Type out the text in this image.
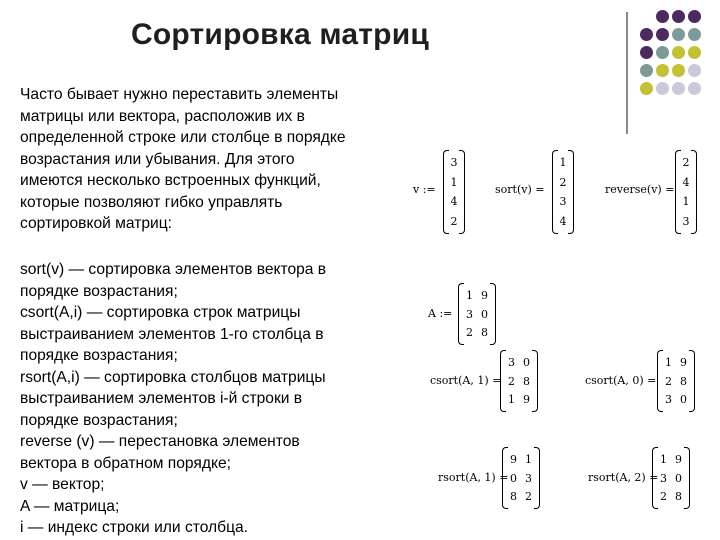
Сортировка матриц
Часто бывает нужно переставить элементы
матрицы или вектора, расположив их в
определенной строке или столбце в порядке
возрастания или убывания. Для этого
имеются несколько встроенных функций,
которые позволяют гибко управлять
сортировкой матриц:
sort(v) — сортировка элементов вектора в
порядке возрастания;
csort(A,i) — сортировка строк матрицы
выстраиванием элементов 1-го столбца в
порядке возрастания;
rsort(A,i) — сортировка столбцов матрицы
выстраиванием элементов i-й строки в
порядке возрастания;
reverse (v) — перестановка элементов
вектора в обратном порядке;
v — вектор;
A — матрица;
i — индекс строки или столбца.
v :=
3
1
4
2
sort(v) =
1
2
3
4
reverse(v) =
2
4
1
3
A :=
1 9
3 0
2 8
csort(A, 1) =
3 0
2 8
1 9
csort(A, 0) =
1 9
2 8
3 0
rsort(A, 1) =
9 1
0 3
8 2
rsort(A, 2) =
1 9
3 0
2 8
